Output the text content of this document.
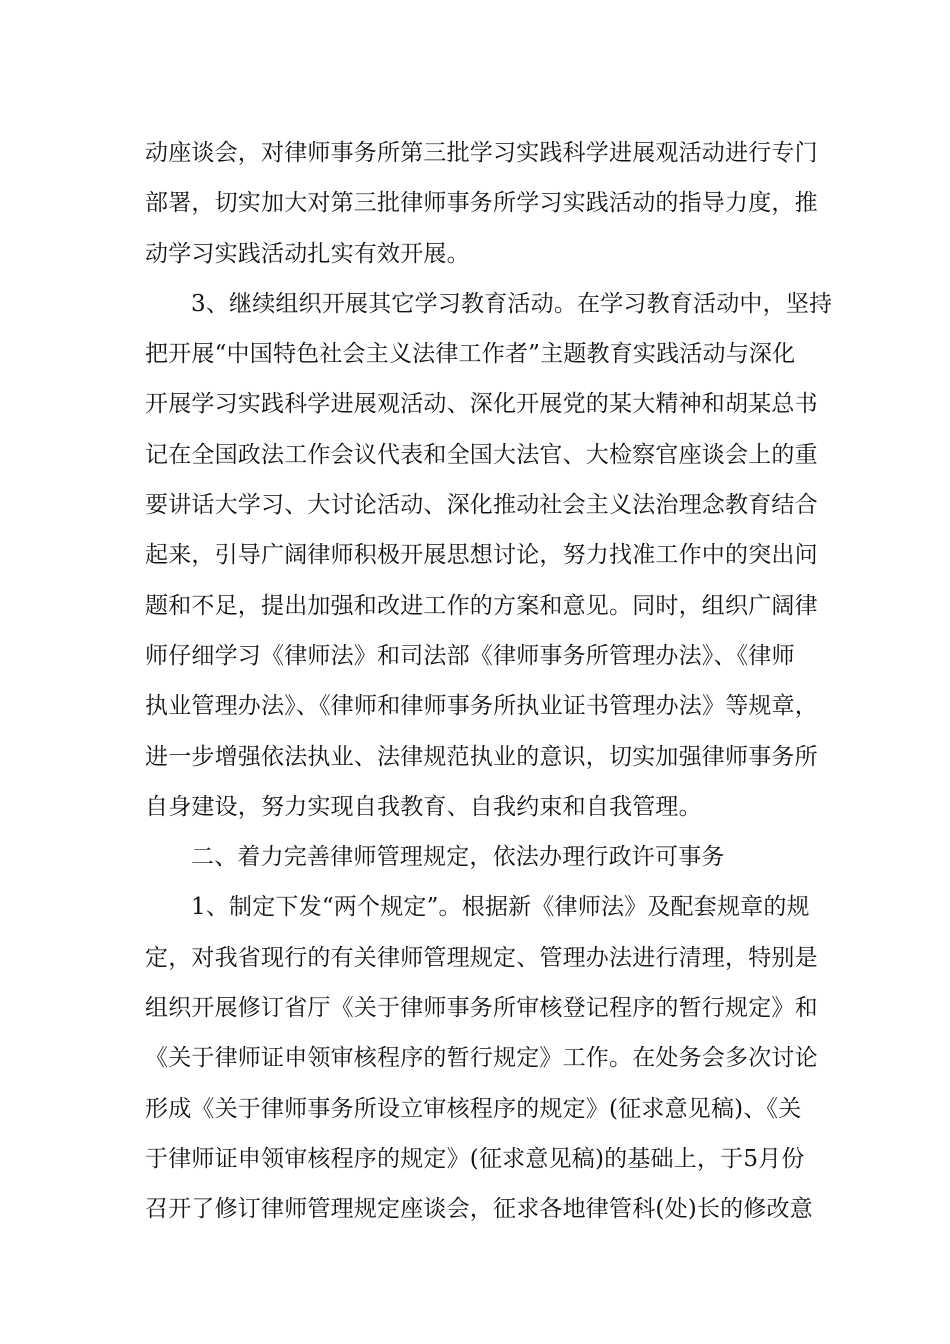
动座谈会，对律师事务所第三批学习实践科学进展观活动进行专门
部署，切实加大对第三批律师事务所学习实践活动的指导力度，推
动学习实践活动扎实有效开展。
3、继续组织开展其它学习教育活动。在学习教育活动中，坚持
把开展“中国特色社会主义法律工作者”主题教育实践活动与深化
开展学习实践科学进展观活动、深化开展党的某大精神和胡某总书
记在全国政法工作会议代表和全国大法官、大检察官座谈会上的重
要讲话大学习、大讨论活动、深化推动社会主义法治理念教育结合
起来，引导广阔律师积极开展思想讨论，努力找准工作中的突出问
题和不足，提出加强和改进工作的方案和意见。同时，组织广阔律
师仔细学习《律师法》和司法部《律师事务所管理办法》、《律师
执业管理办法》、《律师和律师事务所执业证书管理办法》等规章，
进一步增强依法执业、法律规范执业的意识，切实加强律师事务所
自身建设，努力实现自我教育、自我约束和自我管理。
二、着力完善律师管理规定，依法办理行政许可事务
1、制定下发“两个规定”。根据新《律师法》及配套规章的规
定，对我省现行的有关律师管理规定、管理办法进行清理，特别是
组织开展修订省厅《关于律师事务所审核登记程序的暂行规定》和
《关于律师证申领审核程序的暂行规定》工作。在处务会多次讨论
形成《关于律师事务所设立审核程序的规定》(征求意见稿)、《关
于律师证申领审核程序的规定》(征求意见稿)的基础上，于5月份
召开了修订律师管理规定座谈会，征求各地律管科(处)长的修改意
